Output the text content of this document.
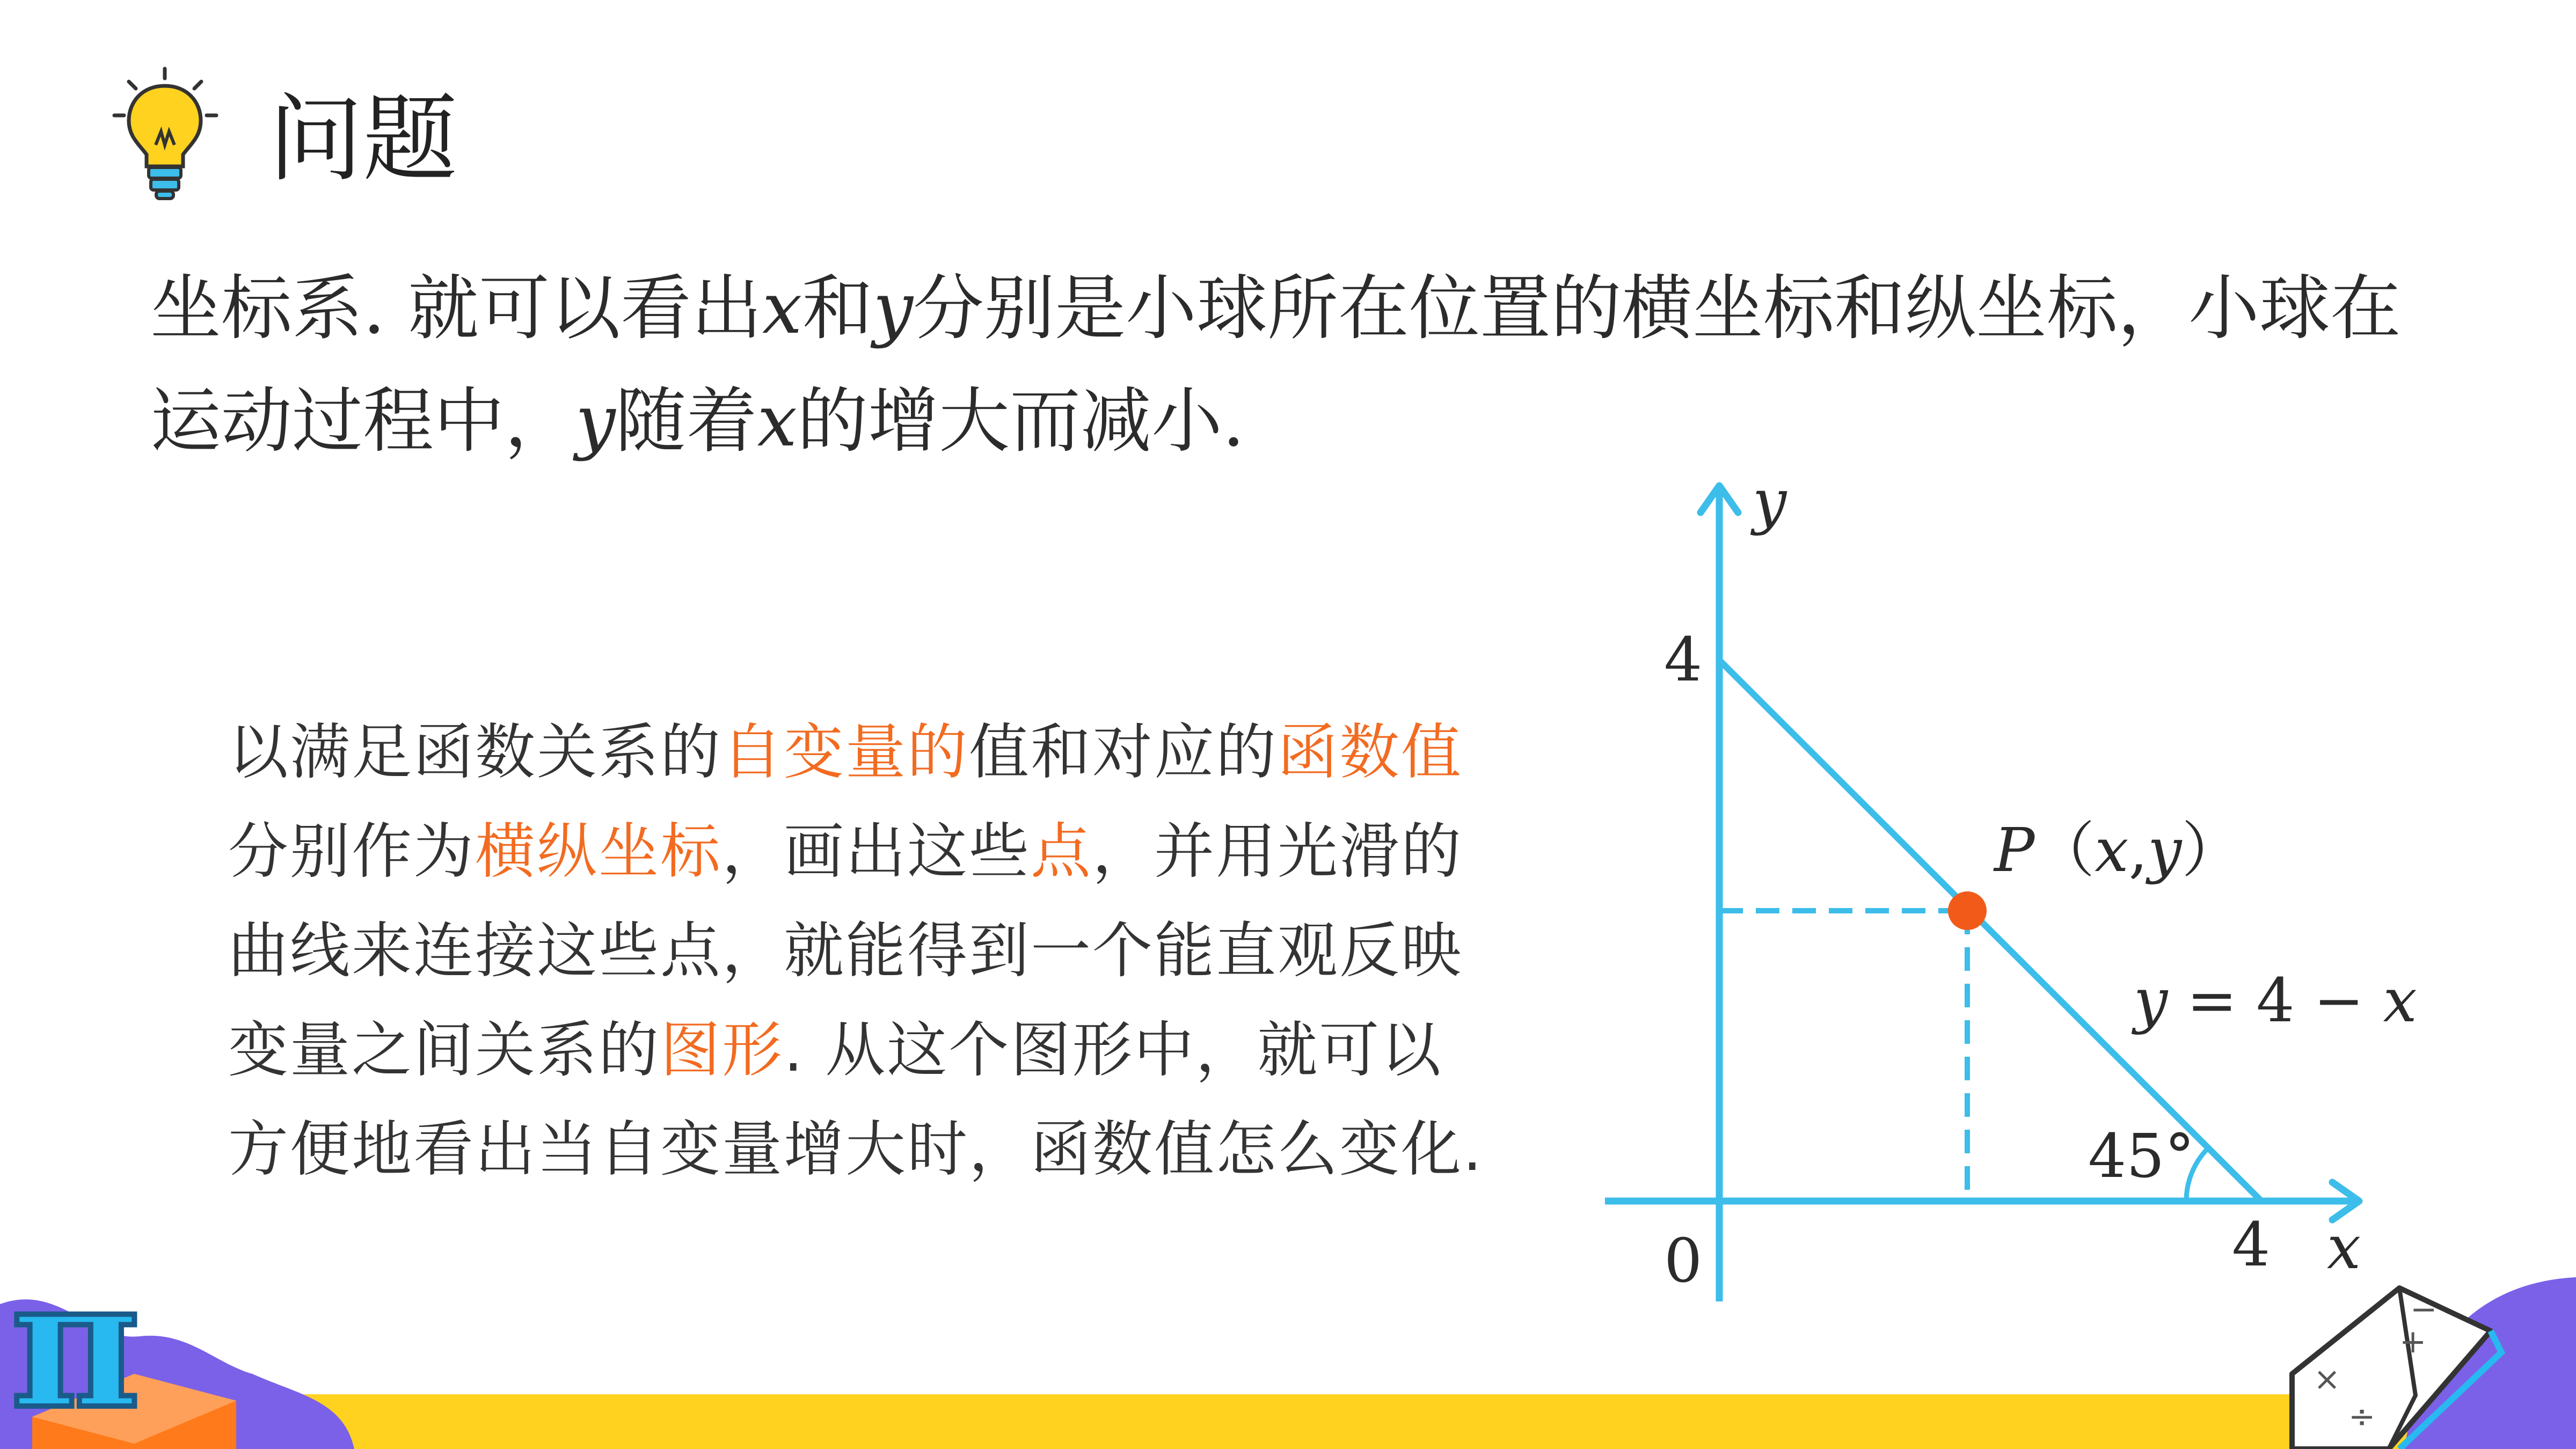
问题
坐标系. 就可以看出x和y分别是小球所在位置的横坐标和纵坐标，小球在
运动过程中，y随着x的增大而减小.
以满足函数关系的自变量的值和对应的函数值
分别作为横纵坐标，画出这些点，并用光滑的
曲线来连接这些点，就能得到一个能直观反映
变量之间关系的图形. 从这个图形中，就可以
方便地看出当自变量增大时，函数值怎么变化.
π	×
÷
+
−
y
x
0
4
4
P（x,y）
y = 4 − x
45°
